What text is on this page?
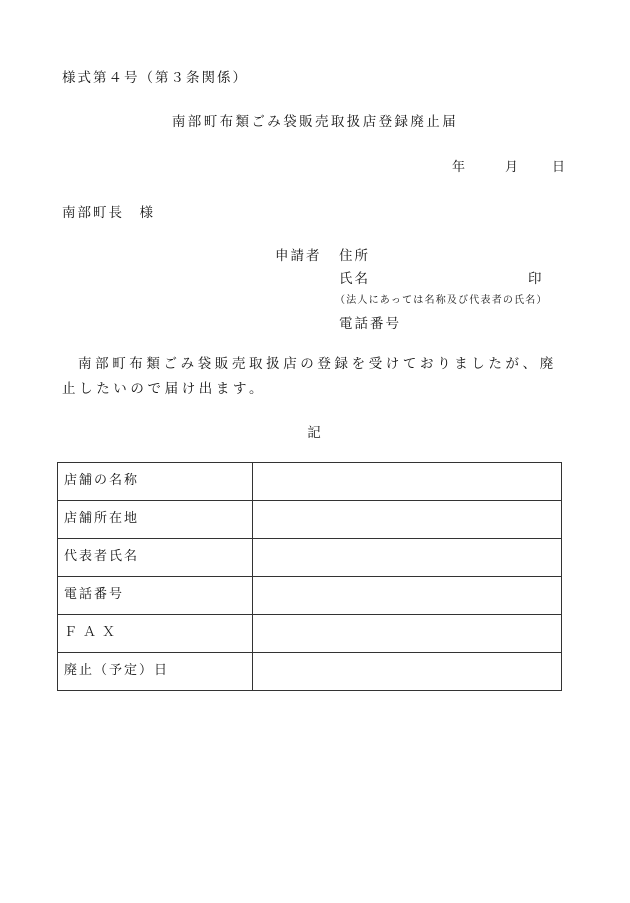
様式第４号（第３条関係）
南部町布類ごみ袋販売取扱店登録廃止届
年	月 日
南部町長　様
申請者 住所
氏名	印
（法人にあっては名称及び代表者の氏名）
電話番号
南部町布類ごみ袋販売取扱店の登録を受けておりましたが、廃止したいので届け出ます。
記
店舗の名称	
店舗所在地	
代表者氏名	
電話番号	
ＦＡＸ	
廃止（予定）日	
